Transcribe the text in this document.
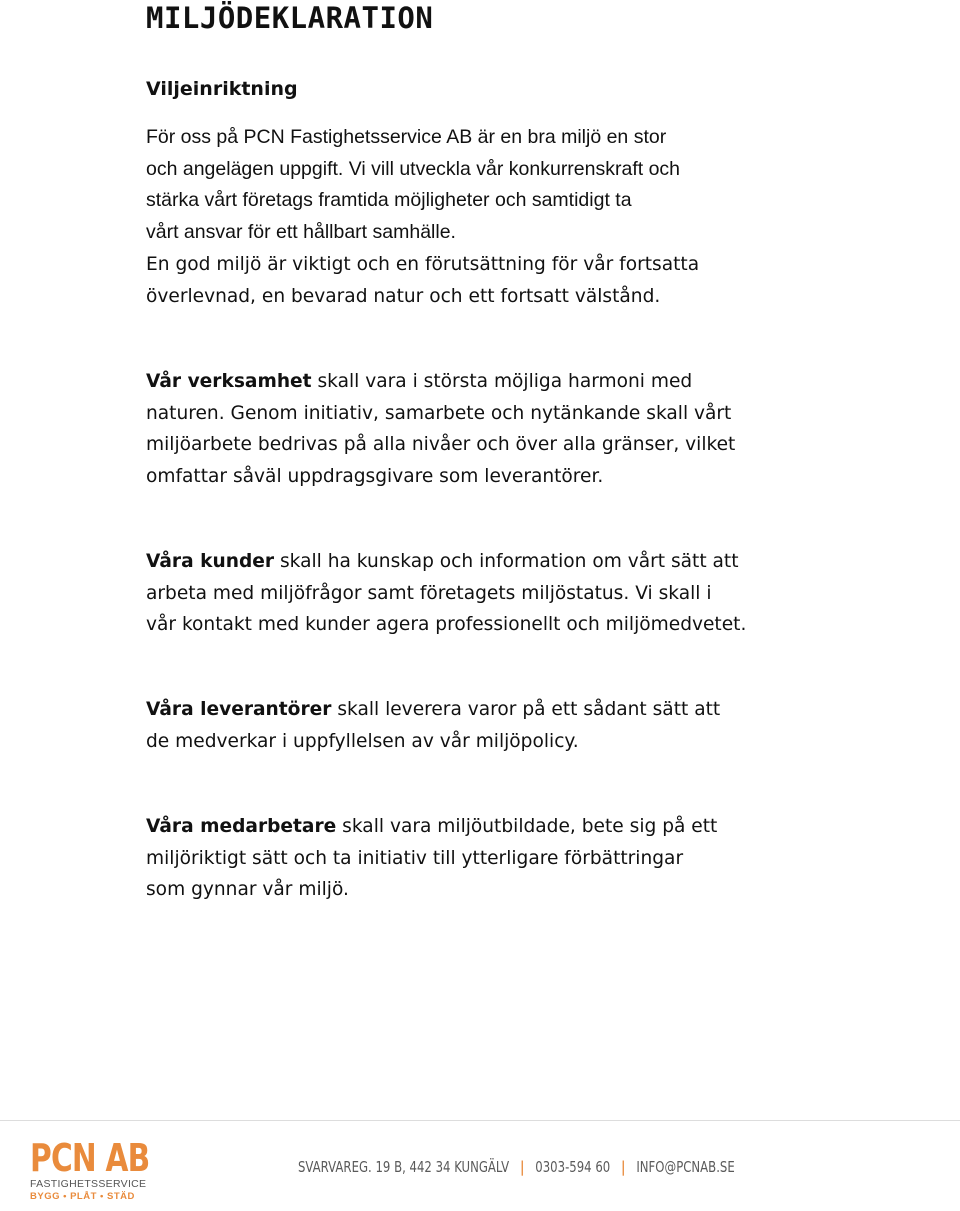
MILJÖDEKLARATION
Viljeinriktning

För oss på PCN Fastighetsservice AB är en bra miljö en stor
och angelägen uppgift. Vi vill utveckla vår konkurrenskraft och
stärka vårt företags framtida möjligheter och samtidigt ta
vårt ansvar för ett hållbart samhälle.

En god miljö är viktigt och en förutsättning för vår fortsatta
överlevnad, en bevarad natur och ett fortsatt välstånd.

Vår verksamhet skall vara i största möjliga harmoni med
naturen. Genom initiativ, samarbete och nytänkande skall vårt
miljöarbete bedrivas på alla nivåer och över alla gränser, vilket
omfattar såväl uppdragsgivare som leverantörer.

Våra kunder skall ha kunskap och information om vårt sätt att
arbeta med miljöfrågor samt företagets miljöstatus. Vi skall i
vår kontakt med kunder agera professionellt och miljömedvetet.

Våra leverantörer skall leverera varor på ett sådant sätt att
de medverkar i uppfyllelsen av vår miljöpolicy.

Våra medarbetare skall vara miljöutbildade, bete sig på ett
miljöriktigt sätt och ta initiativ till ytterligare förbättringar
som gynnar vår miljö.

PCN AB
FASTIGHETSSERVICE
BYGG • PLÅT • STÄD
SVARVAREG. 19 B, 442 34 KUNGÄLV | 0303-594 60 | INFO@PCNAB.SE
